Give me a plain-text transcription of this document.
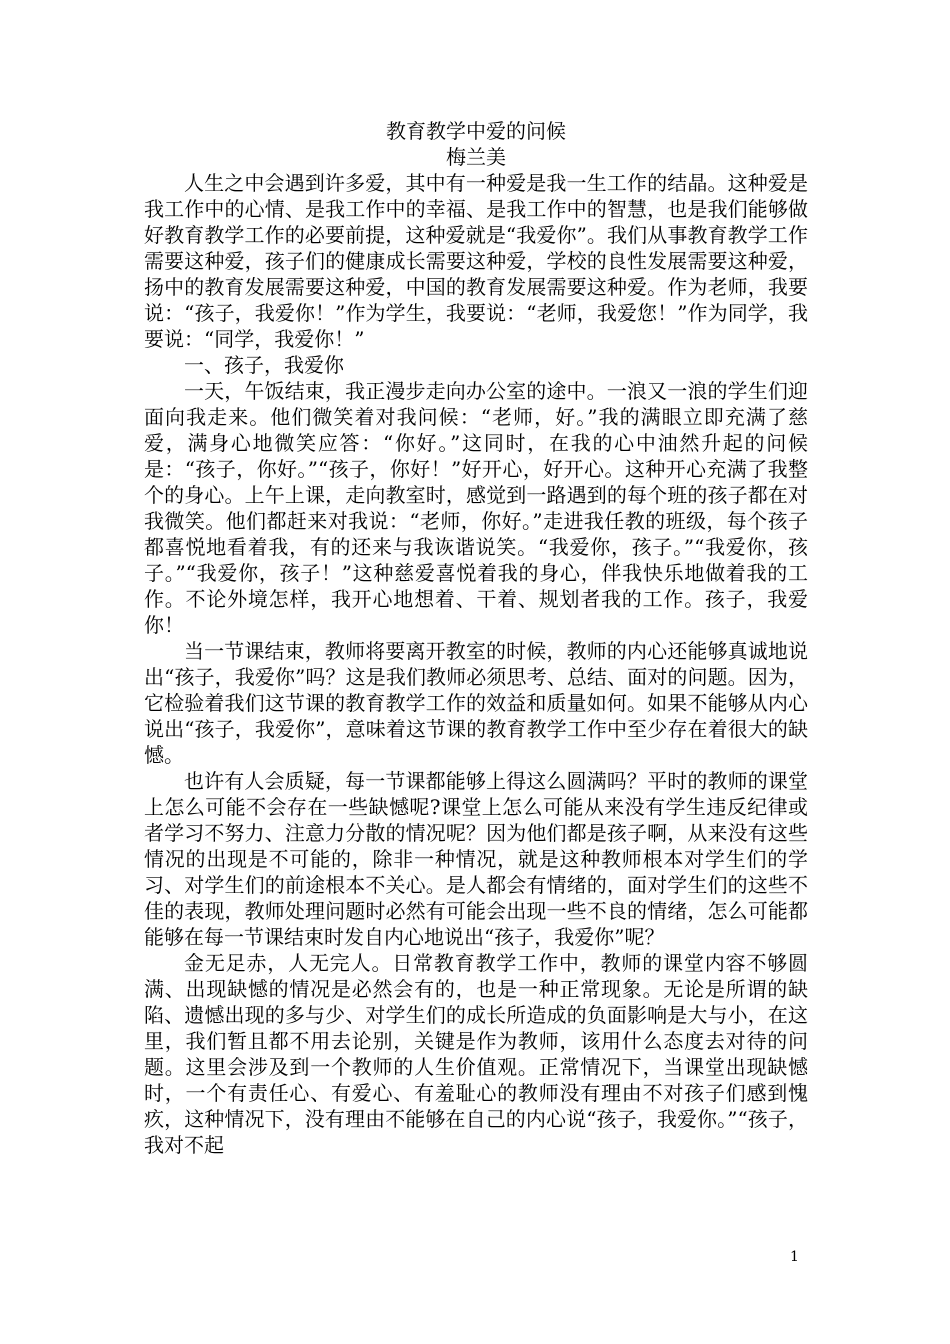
教育教学中爱的问候

梅兰美

人生之中会遇到许多爱，其中有一种爱是我一生工作的结晶。这种爱是我工作中的心情、是我工作中的幸福、是我工作中的智慧，也是我们能够做好教育教学工作的必要前提，这种爱就是“我爱你”。我们从事教育教学工作需要这种爱，孩子们的健康成长需要这种爱，学校的良性发展需要这种爱，扬中的教育发展需要这种爱，中国的教育发展需要这种爱。作为老师，我要说：“孩子，我爱你！”作为学生，我要说：“老师，我爱您！”作为同学，我要说：“同学，我爱你！”

一、孩子，我爱你

一天，午饭结束，我正漫步走向办公室的途中。一浪又一浪的学生们迎面向我走来。他们微笑着对我问候：“老师，好。”我的满眼立即充满了慈爱，满身心地微笑应答：“你好。”这同时，在我的心中油然升起的问候是：“孩子，你好。”“孩子，你好！”好开心，好开心。这种开心充满了我整个的身心。上午上课，走向教室时，感觉到一路遇到的每个班的孩子都在对我微笑。他们都赶来对我说：“老师，你好。”走进我任教的班级，每个孩子都喜悦地看着我，有的还来与我诙谐说笑。“我爱你，孩子。”“我爱你，孩子。”“我爱你，孩子！”这种慈爱喜悦着我的身心，伴我快乐地做着我的工作。不论外境怎样，我开心地想着、干着、规划者我的工作。孩子，我爱你！

当一节课结束，教师将要离开教室的时候，教师的内心还能够真诚地说出“孩子，我爱你”吗？这是我们教师必须思考、总结、面对的问题。因为，它检验着我们这节课的教育教学工作的效益和质量如何。如果不能够从内心说出“孩子，我爱你”，意味着这节课的教育教学工作中至少存在着很大的缺憾。

也许有人会质疑，每一节课都能够上得这么圆满吗？平时的教师的课堂上怎么可能不会存在一些缺憾呢?课堂上怎么可能从来没有学生违反纪律或者学习不努力、注意力分散的情况呢？因为他们都是孩子啊，从来没有这些情况的出现是不可能的，除非一种情况，就是这种教师根本对学生们的学习、对学生们的前途根本不关心。是人都会有情绪的，面对学生们的这些不佳的表现，教师处理问题时必然有可能会出现一些不良的情绪，怎么可能都能够在每一节课结束时发自内心地说出“孩子，我爱你”呢？

金无足赤，人无完人。日常教育教学工作中，教师的课堂内容不够圆满、出现缺憾的情况是必然会有的，也是一种正常现象。无论是所谓的缺陷、遗憾出现的多与少、对学生们的成长所造成的负面影响是大与小，在这里，我们暂且都不用去论别，关键是作为教师，该用什么态度去对待的问题。这里会涉及到一个教师的人生价值观。正常情况下，当课堂出现缺憾时，一个有责任心、有爱心、有羞耻心的教师没有理由不对孩子们感到愧疚，这种情况下，没有理由不能够在自己的内心说“孩子，我爱你。”“孩子，我对不起

1
